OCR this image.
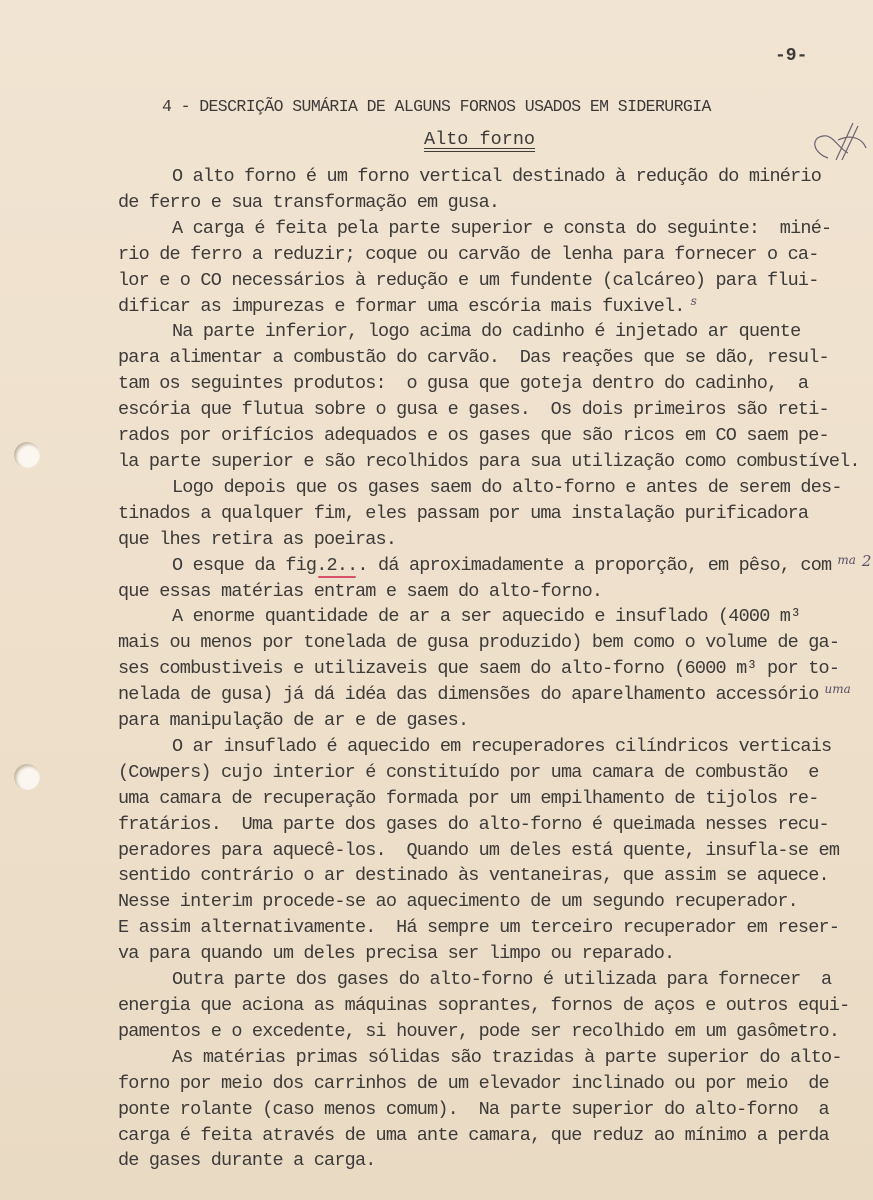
-9-
4 - DESCRIÇÃO SUMÁRIA DE ALGUNS FORNOS USADOS EM SIDERURGIA
Alto forno
O alto forno é um forno vertical destinado à redução do minério
de ferro e sua transformação em gusa.
A carga é feita pela parte superior e consta do seguinte:  miné-
rio de ferro a reduzir; coque ou carvão de lenha para fornecer o ca-
lor e o CO necessários à redução e um fundente (calcáreo) para flui-
dificar as impurezas e formar uma escória mais fuxivel. $^s$
Na parte inferior, logo acima do cadinho é injetado ar quente
para alimentar a combustão do carvão.  Das reações que se dão, resul-
tam os seguintes produtos:  o gusa que goteja dentro do cadinho,  a
escória que flutua sobre o gusa e gases.  Os dois primeiros são reti-
rados por orifícios adequados e os gases que são ricos em CO saem pe-
la parte superior e são recolhidos para sua utilização como combustível.
Logo depois que os gases saem do alto-forno e antes de serem des-
tinados a qualquer fim, eles passam por uma instalação purificadora
que lhes retira as poeiras.
O esque da fig.2... dá aproximadamente a proporção, em pêso, com $^{ma}$ $^2$
que essas matérias entram e saem do alto-forno.
A enorme quantidade de ar a ser aquecido e insuflado (4000 m³
mais ou menos por tonelada de gusa produzido) bem como o volume de ga-
ses combustiveis e utilizaveis que saem do alto-forno (6000 m³ por to-
nelada de gusa) já dá idéa das dimensões do aparelhamento accessório $^{uma}$
para manipulação de ar e de gases.
O ar insuflado é aquecido em recuperadores cilíndricos verticais
(Cowpers) cujo interior é constituído por uma camara de combustão  e
uma camara de recuperação formada por um empilhamento de tijolos re-
fratários.  Uma parte dos gases do alto-forno é queimada nesses recu-
peradores para aquecê-los.  Quando um deles está quente, insufla-se em
sentido contrário o ar destinado às ventaneiras, que assim se aquece.
Nesse interim procede-se ao aquecimento de um segundo recuperador.
E assim alternativamente.  Há sempre um terceiro recuperador em reser-
va para quando um deles precisa ser limpo ou reparado.
Outra parte dos gases do alto-forno é utilizada para fornecer  a
energia que aciona as máquinas soprantes, fornos de aços e outros equi-
pamentos e o excedente, si houver, pode ser recolhido em um gasômetro.
As matérias primas sólidas são trazidas à parte superior do alto-
forno por meio dos carrinhos de um elevador inclinado ou por meio  de
ponte rolante (caso menos comum).  Na parte superior do alto-forno  a
carga é feita através de uma ante camara, que reduz ao mínimo a perda
de gases durante a carga.
